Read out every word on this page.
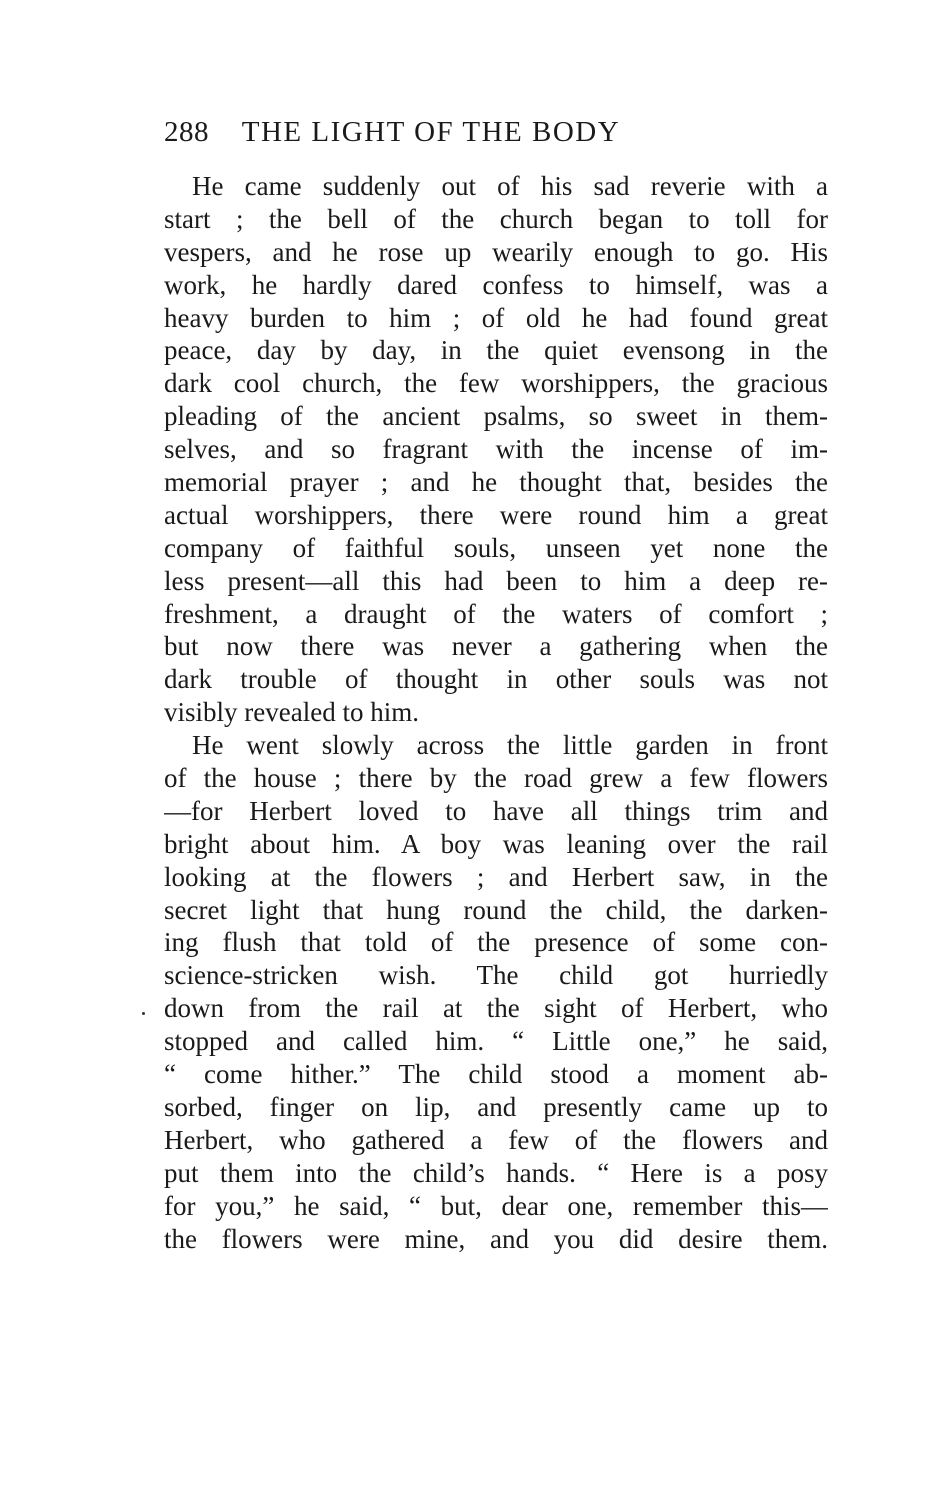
288 THE LIGHT OF THE BODY
He came suddenly out of his sad reverie with a
start ; the bell of the church began to toll for
vespers, and he rose up wearily enough to go. His
work, he hardly dared confess to himself, was a
heavy burden to him ; of old he had found great
peace, day by day, in the quiet evensong in the
dark cool church, the few worshippers, the gracious
pleading of the ancient psalms, so sweet in them-
selves, and so fragrant with the incense of im-
memorial prayer ; and he thought that, besides the
actual worshippers, there were round him a great
company of faithful souls, unseen yet none the
less present—all this had been to him a deep re-
freshment, a draught of the waters of comfort ;
but now there was never a gathering when the
dark trouble of thought in other souls was not
visibly revealed to him.
He went slowly across the little garden in front
of the house ; there by the road grew a few flowers
—for Herbert loved to have all things trim and
bright about him. A boy was leaning over the rail
looking at the flowers ; and Herbert saw, in the
secret light that hung round the child, the darken-
ing flush that told of the presence of some con-
science-stricken wish. The child got hurriedly
down from the rail at the sight of Herbert, who
stopped and called him. “ Little one,” he said,
“ come hither.” The child stood a moment ab-
sorbed, finger on lip, and presently came up to
Herbert, who gathered a few of the flowers and
put them into the child’s hands. “ Here is a posy
for you,” he said, “ but, dear one, remember this—
the flowers were mine, and you did desire them.
